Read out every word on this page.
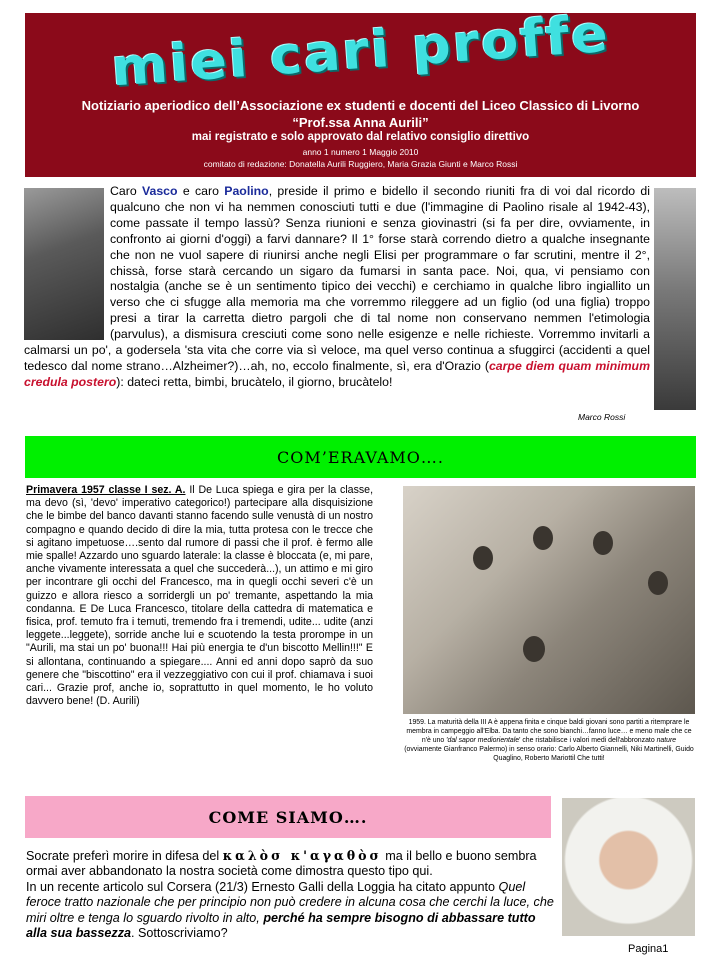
miei cari proffe
Notiziario aperiodico dell’Associazione ex studenti e docenti del Liceo Classico di Livorno “Prof.ssa Anna Aurili”
mai registrato e solo approvato dal relativo consiglio direttivo
anno 1 numero 1 Maggio 2010
comitato di redazione: Donatella Aurili Ruggiero, Maria Grazia Giunti e Marco Rossi
Caro Vasco e caro Paolino, preside il primo e bidello il secondo riuniti fra di voi dal ricordo di qualcuno che non vi ha nemmen conosciuti tutti e due (l'immagine di Paolino risale al 1942-43), come passate il tempo lassù? Senza riunioni e senza giovinastri (si fa per dire, ovviamente, in confronto ai giorni d'oggi) a farvi dannare? Il 1° forse starà correndo dietro a qualche insegnante che non ne vuol sapere di riunirsi anche negli Elisi per programmare o far scrutini, mentre il 2°, chissà, forse starà cercando un sigaro da fumarsi in santa pace. Noi, qua, vi pensiamo con nostalgia (anche se è un sentimento tipico dei vecchi) e cerchiamo in qualche libro ingiallito un verso che ci sfugge alla memoria ma che vorremmo rileggere ad un figlio (od una figlia) troppo presi a tirar la carretta dietro pargoli che di tal nome non conservano nemmen l'etimologia (parvulus), a dismisura cresciuti come sono nelle esigenze e nelle richieste. Vorremmo invitarli a calmarsi un po', a godersela 'sta vita che corre via sì veloce, ma quel verso continua a sfuggirci (accidenti a quel tedesco dal nome strano…Alzheimer?)…ah, no, eccolo finalmente, sì, era d'Orazio (carpe diem quam minimum credula postero): dateci retta, bimbi, brucàtelo, il giorno, brucàtelo!
Marco Rossi
COM’ERAVAMO….
Primavera 1957 classe I sez. A. Il De Luca spiega e gira per la classe, ma devo (sì, 'devo' imperativo categorico!) partecipare alla disquisizione che le bimbe del banco davanti stanno facendo sulle venustà di un nostro compagno e quando decido di dire la mia, tutta protesa con le trecce che si agitano impetuose….sento dal rumore di passi che il prof. è fermo alle mie spalle! Azzardo uno sguardo laterale: la classe è bloccata (e, mi pare, anche vivamente interessata a quel che succederà...), un attimo e mi giro per incontrare gli occhi del Francesco, ma in quegli occhi severi c'è un guizzo e allora riesco a sorridergli un po' tremante, aspettando la mia condanna. E De Luca Francesco, titolare della cattedra di matematica e fisica, prof. temuto fra i temuti, tremendo fra i tremendi, udite... udite (anzi leggete...leggete), sorride anche lui e scuotendo la testa prorompe in un "Aurili, ma stai un po' buona!!! Hai più energia te d'un biscotto Mellin!!!" E si allontana, continuando a spiegare.... Anni ed anni dopo saprò da suo genere che "biscottino" era il vezzeggiativo con cui il prof. chiamava i suoi cari... Grazie prof, anche io, soprattutto in quel momento, le ho voluto davvero bene! (D. Aurili)
1959. La maturità della III A è appena finita e cinque baldi giovani sono partiti a ritemprare le membra in campeggio all'Elba. Da tanto che sono bianchi…fanno luce… e meno male che ce n'è uno 'dal sapor mediorientale' che ristabilisce i valori medi dell'abbronzato nature (ovviamente Gianfranco Palermo) in senso orario: Carlo Alberto Giannelli, Niki Martinelli, Guido Quaglino, Roberto Mariottil Che tutti!
COME SIAMO….
Socrate preferì morire in difesa del καλὸσ κ'αγαθὸσ ma il bello e buono sembra ormai aver abbandonato la nostra società come dimostra questo tipo qui.
In un recente articolo sul Corsera (21/3) Ernesto Galli della Loggia ha citato appunto Quel feroce tratto nazionale che per principio non può credere in alcuna cosa che cerchi la luce, che miri oltre e tenga lo sguardo rivolto in alto, perché ha sempre bisogno di abbassare tutto alla sua bassezza. Sottoscriviamo?
Pagina1
